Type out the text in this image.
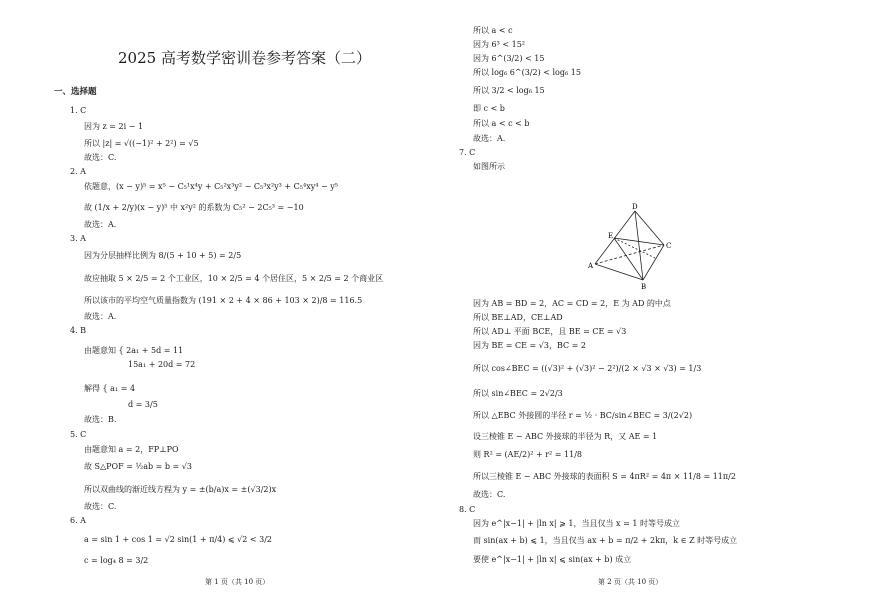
2025 高考数学密训卷参考答案（二）
一、选择题
1. C
因为 z = 2i − 1
所以 |z| = √((−1)² + 2²) = √5
故选：C.
2. A
依题意，(x − y)⁵ = x⁵ − C₅¹x⁴y + C₅²x³y² − C₅³x²y³ + C₅⁴xy⁴ − y⁵
故 (1/x + 2/y)(x − y)⁵ 中 x²y² 的系数为 C₅² − 2C₅³ = −10
故选：A.
3. A
因为分层抽样比例为 8/(5 + 10 + 5) = 2/5
故应抽取 5 × 2/5 = 2 个工业区，10 × 2/5 = 4 个居住区，5 × 2/5 = 2 个商业区
所以该市的平均空气质量指数为 (191 × 2 + 4 × 86 + 103 × 2)/8 = 116.5
故选：A.
4. B
由题意知 { 2a₁ + 5d = 11
15a₁ + 20d = 72
解得 { a₁ = 4
d = 3/5
故选：B.
5. C
由题意知 a = 2，FP⊥PO
故 S△POF = ½ab = b = √3
所以双曲线的渐近线方程为 y = ±(b/a)x = ±(√3/2)x
故选：C.
6. A
a = sin 1 + cos 1 = √2 sin(1 + π/4) ⩽ √2 < 3/2
c = log₄ 8 = 3/2
第 1 页（共 10 页）
所以 a < c
因为 6³ < 15²
因为 6^(3/2) < 15
所以 log₆ 6^(3/2) < log₆ 15
所以 3/2 < log₆ 15
即 c < b
所以 a < c < b
故选：A.
7. C
如图所示
D
E
C
A
B
因为 AB = BD = 2，AC = CD = 2，E 为 AD 的中点
所以 BE⊥AD，CE⊥AD
所以 AD⊥ 平面 BCE，且 BE = CE = √3
因为 BE = CE = √3，BC = 2
所以 cos∠BEC = ((√3)² + (√3)² − 2²)/(2 × √3 × √3) = 1/3
所以 sin∠BEC = 2√2/3
所以 △EBC 外接圆的半径 r = ½ · BC/sin∠BEC = 3/(2√2)
设三棱锥 E − ABC 外接球的半径为 R，又 AE = 1
则 R² = (AE/2)² + r² = 11/8
所以三棱锥 E − ABC 外接球的表面积 S = 4πR² = 4π × 11/8 = 11π/2
故选：C.
8. C
因为 e^|x−1| + |ln x| ⩾ 1，当且仅当 x = 1 时等号成立
而 sin(ax + b) ⩽ 1，当且仅当 ax + b = π/2 + 2kπ，k ∈ Z 时等号成立
要使 e^|x−1| + |ln x| ⩽ sin(ax + b) 成立
第 2 页（共 10 页）
